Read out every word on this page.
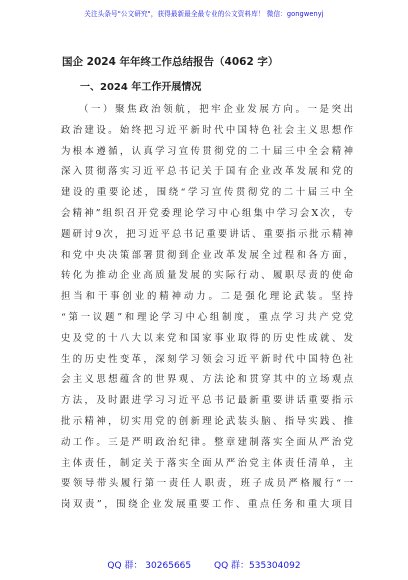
关注头条号"公文研究"，获得最新最全最专业的公文资料库！ 微信：gongwenyj
国企 2024 年年终工作总结报告（4062 字）
一、2024 年工作开展情况
（一）聚焦政治领航，把牢企业发展方向。一是突出
政治建设。始终把习近平新时代中国特色社会主义思想作
为根本遵循，认真学习宣传贯彻党的二十届三中全会精神
深入贯彻落实习近平总书记关于国有企业改革发展和党的
建设的重要论述，围绕“学习宣传贯彻党的二十届三中全
会精神”组织召开党委理论学习中心组集中学习会X次，专
题研讨9次，把习近平总书记重要讲话、重要指示批示精神
和党中央决策部署贯彻到企业改革发展全过程和各方面，
转化为推动企业高质量发展的实际行动、履职尽责的使命
担当和干事创业的精神动力。二是强化理论武装。坚持
“第一议题”和理论学习中心组制度，重点学习共产党党
史及党的十八大以来党和国家事业取得的历史性成就、发
生的历史性变革，深刻学习领会习近平新时代中国特色社
会主义思想蕴含的世界观、方法论和贯穿其中的立场观点
方法，及时跟进学习习近平总书记最新重要讲话重要指示
批示精神，切实用党的创新理论武装头脑、指导实践、推
动工作。三是严明政治纪律。整章建制落实全面从严治党
主体责任，制定关于落实全面从严治党主体责任清单，主
要领导带头履行第一责任人职责，班子成员严格履行“一
岗双责”，围绕企业发展重要工作、重点任务和重大项目
QQ 群： 30265665	QQ 群：535304092
